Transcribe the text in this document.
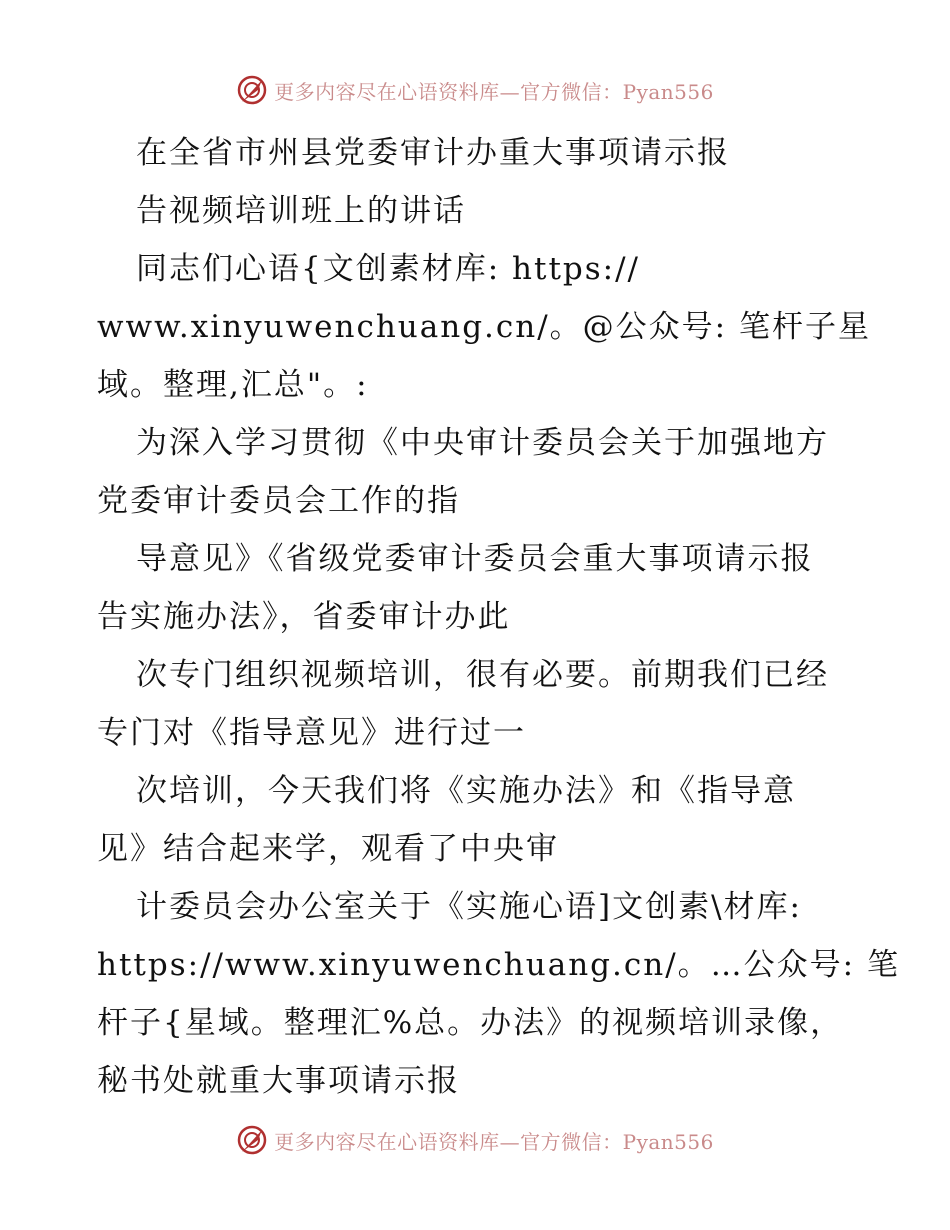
更多内容尽在心语资料库—官方微信：Pyan556
在全省市州县党委审计办重大事项请示报
告视频培训班上的讲话
同志们心语{文创素材库: https://
www.xinyuwenchuang.cn/。@公众号: 笔杆子星
域。整理,汇总"。:
为深入学习贯彻《中央审计委员会关于加强地方
党委审计委员会工作的指
导意见》《省级党委审计委员会重大事项请示报
告实施办法》，省委审计办此
次专门组织视频培训，很有必要。前期我们已经
专门对《指导意见》进行过一
次培训，今天我们将《实施办法》和《指导意
见》结合起来学，观看了中央审
计委员会办公室关于《实施心语]文创素\材库:
https://www.xinyuwenchuang.cn/。…公众号: 笔
杆子{星域。整理汇%总。办法》的视频培训录像，
秘书处就重大事项请示报
更多内容尽在心语资料库—官方微信：Pyan556
